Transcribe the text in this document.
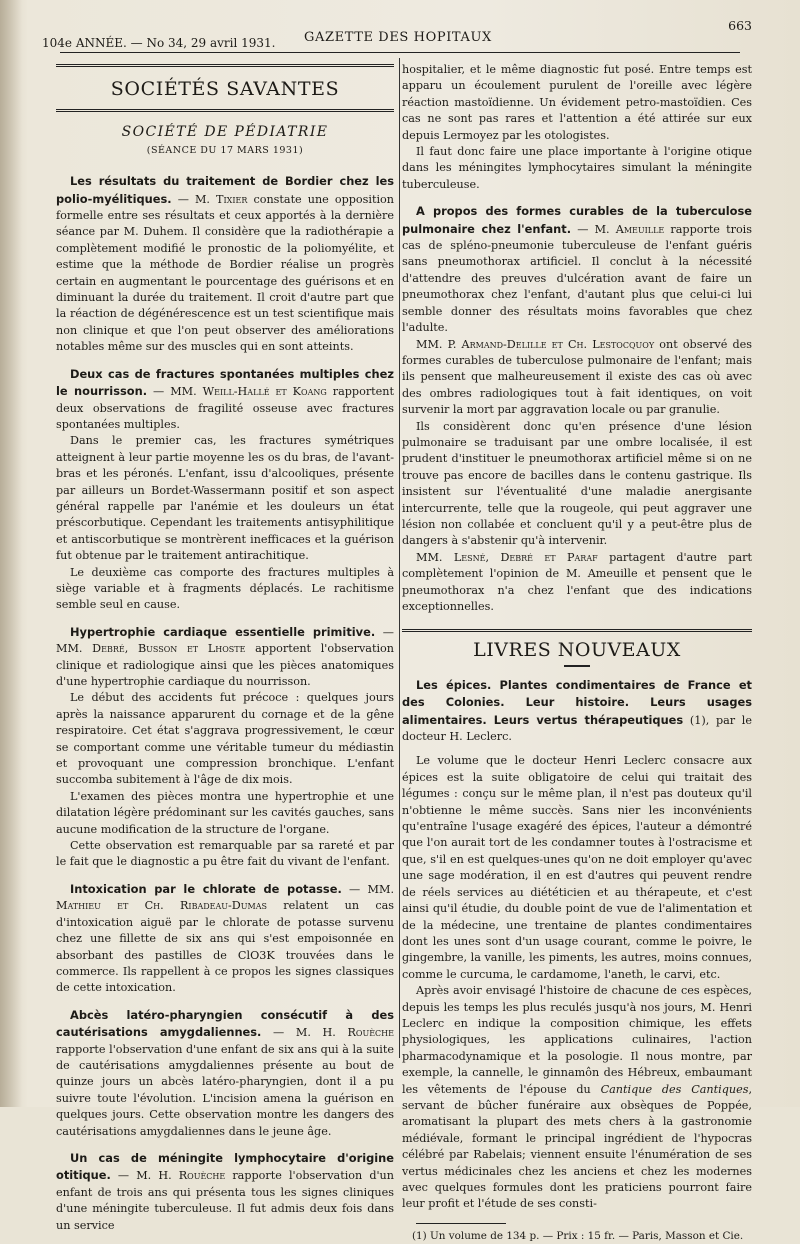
104e ANNÉE. — No 34, 29 avril 1931. GAZETTE DES HOPITAUX
663
SOCIÉTÉS SAVANTES
SOCIÉTÉ DE PÉDIATRIE
(SÉANCE DU 17 MARS 1931)

Les résultats du traitement de Bordier chez les polio-myélitiques. — M. Tixier constate une opposition formelle entre ses résultats et ceux apportés à la dernière séance par M. Duhem. Il considère que la radiothérapie a complètement modifié le pronostic de la poliomyélite, et estime que la méthode de Bordier réalise un progrès certain en augmentant le pourcentage des guérisons et en diminuant la durée du traitement. Il croit d'autre part que la réaction de dégénérescence est un test scientifique mais non clinique et que l'on peut observer des améliorations notables même sur des muscles qui en sont atteints.

Deux cas de fractures spontanées multiples chez le nourrisson. — MM. Weill-Hallé et Koang rapportent deux observations de fragilité osseuse avec fractures spontanées multiples.

Dans le premier cas, les fractures symétriques atteignent à leur partie moyenne les os du bras, de l'avant-bras et les péronés. L'enfant, issu d'alcooliques, présente par ailleurs un Bordet-Wassermann positif et son aspect général rappelle par l'anémie et les douleurs un état préscorbutique. Cependant les traitements antisyphilitique et antiscorbutique se montrèrent inefficaces et la guérison fut obtenue par le traitement antirachitique.

Le deuxième cas comporte des fractures multiples à siège variable et à fragments déplacés. Le rachitisme semble seul en cause.

Hypertrophie cardiaque essentielle primitive. — MM. Debré, Busson et Lhoste apportent l'observation clinique et radiologique ainsi que les pièces anatomiques d'une hypertrophie cardiaque du nourrisson.

Le début des accidents fut précoce : quelques jours après la naissance apparurent du cornage et de la gêne respiratoire. Cet état s'aggrava progressivement, le cœur se comportant comme une véritable tumeur du médiastin et provoquant une compression bronchique. L'enfant succomba subitement à l'âge de dix mois.

L'examen des pièces montra une hypertrophie et une dilatation légère prédominant sur les cavités gauches, sans aucune modification de la structure de l'organe.

Cette observation est remarquable par sa rareté et par le fait que le diagnostic a pu être fait du vivant de l'enfant.

Intoxication par le chlorate de potasse. — MM. Mathieu et Ch. Ribadeau-Dumas relatent un cas d'intoxication aiguë par le chlorate de potasse survenu chez une fillette de six ans qui s'est empoisonnée en absorbant des pastilles de ClO3K trouvées dans le commerce. Ils rappellent à ce propos les signes classiques de cette intoxication.

Abcès latéro-pharyngien consécutif à des cautérisations amygdaliennes. — M. H. Rouèche rapporte l'observation d'une enfant de six ans qui à la suite de cautérisations amygdaliennes présente au bout de quinze jours un abcès latéro-pharyngien, dont il a pu suivre toute l'évolution. L'incision amena la guérison en quelques jours. Cette observation montre les dangers des cautérisations amygdaliennes dans le jeune âge.

Un cas de méningite lymphocytaire d'origine otitique. — M. H. Rouèche rapporte l'observation d'un enfant de trois ans qui présenta tous les signes cliniques d'une méningite tuberculeuse. Il fut admis deux fois dans un service

hospitalier, et le même diagnostic fut posé. Entre temps est apparu un écoulement purulent de l'oreille avec légère réaction mastoïdienne. Un évidement petro-mastoïdien. Ces cas ne sont pas rares et l'attention a été attirée sur eux depuis Lermoyez par les otologistes.

Il faut donc faire une place importante à l'origine otique dans les méningites lymphocytaires simulant la méningite tuberculeuse.

A propos des formes curables de la tuberculose pulmonaire chez l'enfant. — M. Ameuille rapporte trois cas de spléno-pneumonie tuberculeuse de l'enfant guéris sans pneumothorax artificiel. Il conclut à la nécessité d'attendre des preuves d'ulcération avant de faire un pneumothorax chez l'enfant, d'autant plus que celui-ci lui semble donner des résultats moins favorables que chez l'adulte.

MM. P. Armand-Delille et Ch. Lestocquoy ont observé des formes curables de tuberculose pulmonaire de l'enfant; mais ils pensent que malheureusement il existe des cas où avec des ombres radiologiques tout à fait identiques, on voit survenir la mort par aggravation locale ou par granulie.

Ils considèrent donc qu'en présence d'une lésion pulmonaire se traduisant par une ombre localisée, il est prudent d'instituer le pneumothorax artificiel même si on ne trouve pas encore de bacilles dans le contenu gastrique. Ils insistent sur l'éventualité d'une maladie anergisante intercurrente, telle que la rougeole, qui peut aggraver une lésion non collabée et concluent qu'il y a peut-être plus de dangers à s'abstenir qu'à intervenir.

MM. Lesné, Debré et Paraf partagent d'autre part complètement l'opinion de M. Ameuille et pensent que le pneumothorax n'a chez l'enfant que des indications exceptionnelles.

LIVRES NOUVEAUX

Les épices. Plantes condimentaires de France et des Colonies. Leur histoire. Leurs usages alimentaires. Leurs vertus thérapeutiques (1), par le docteur H. Leclerc.

Le volume que le docteur Henri Leclerc consacre aux épices est la suite obligatoire de celui qui traitait des légumes : conçu sur le même plan, il n'est pas douteux qu'il n'obtienne le même succès. Sans nier les inconvénients qu'entraîne l'usage exagéré des épices, l'auteur a démontré que l'on aurait tort de les condamner toutes à l'ostracisme et que, s'il en est quelques-unes qu'on ne doit employer qu'avec une sage modération, il en est d'autres qui peuvent rendre de réels services au diététicien et au thérapeute, et c'est ainsi qu'il étudie, du double point de vue de l'alimentation et de la médecine, une trentaine de plantes condimentaires dont les unes sont d'un usage courant, comme le poivre, le gingembre, la vanille, les piments, les autres, moins connues, comme le curcuma, le cardamome, l'aneth, le carvi, etc.

Après avoir envisagé l'histoire de chacune de ces espèces, depuis les temps les plus reculés jusqu'à nos jours, M. Henri Leclerc en indique la composition chimique, les effets physiologiques, les applications culinaires, l'action pharmacodynamique et la posologie. Il nous montre, par exemple, la cannelle, le ginnamôn des Hébreux, embaumant les vêtements de l'épouse du Cantique des Cantiques, servant de bûcher funéraire aux obsèques de Poppée, aromatisant la plupart des mets chers à la gastronomie médiévale, formant le principal ingrédient de l'hypocras célébré par Rabelais; viennent ensuite l'énumération de ses vertus médicinales chez les anciens et chez les modernes avec quelques formules dont les praticiens pourront faire leur profit et l'étude de ses consti-

(1) Un volume de 134 p. — Prix : 15 fr. — Paris, Masson et Cie.
